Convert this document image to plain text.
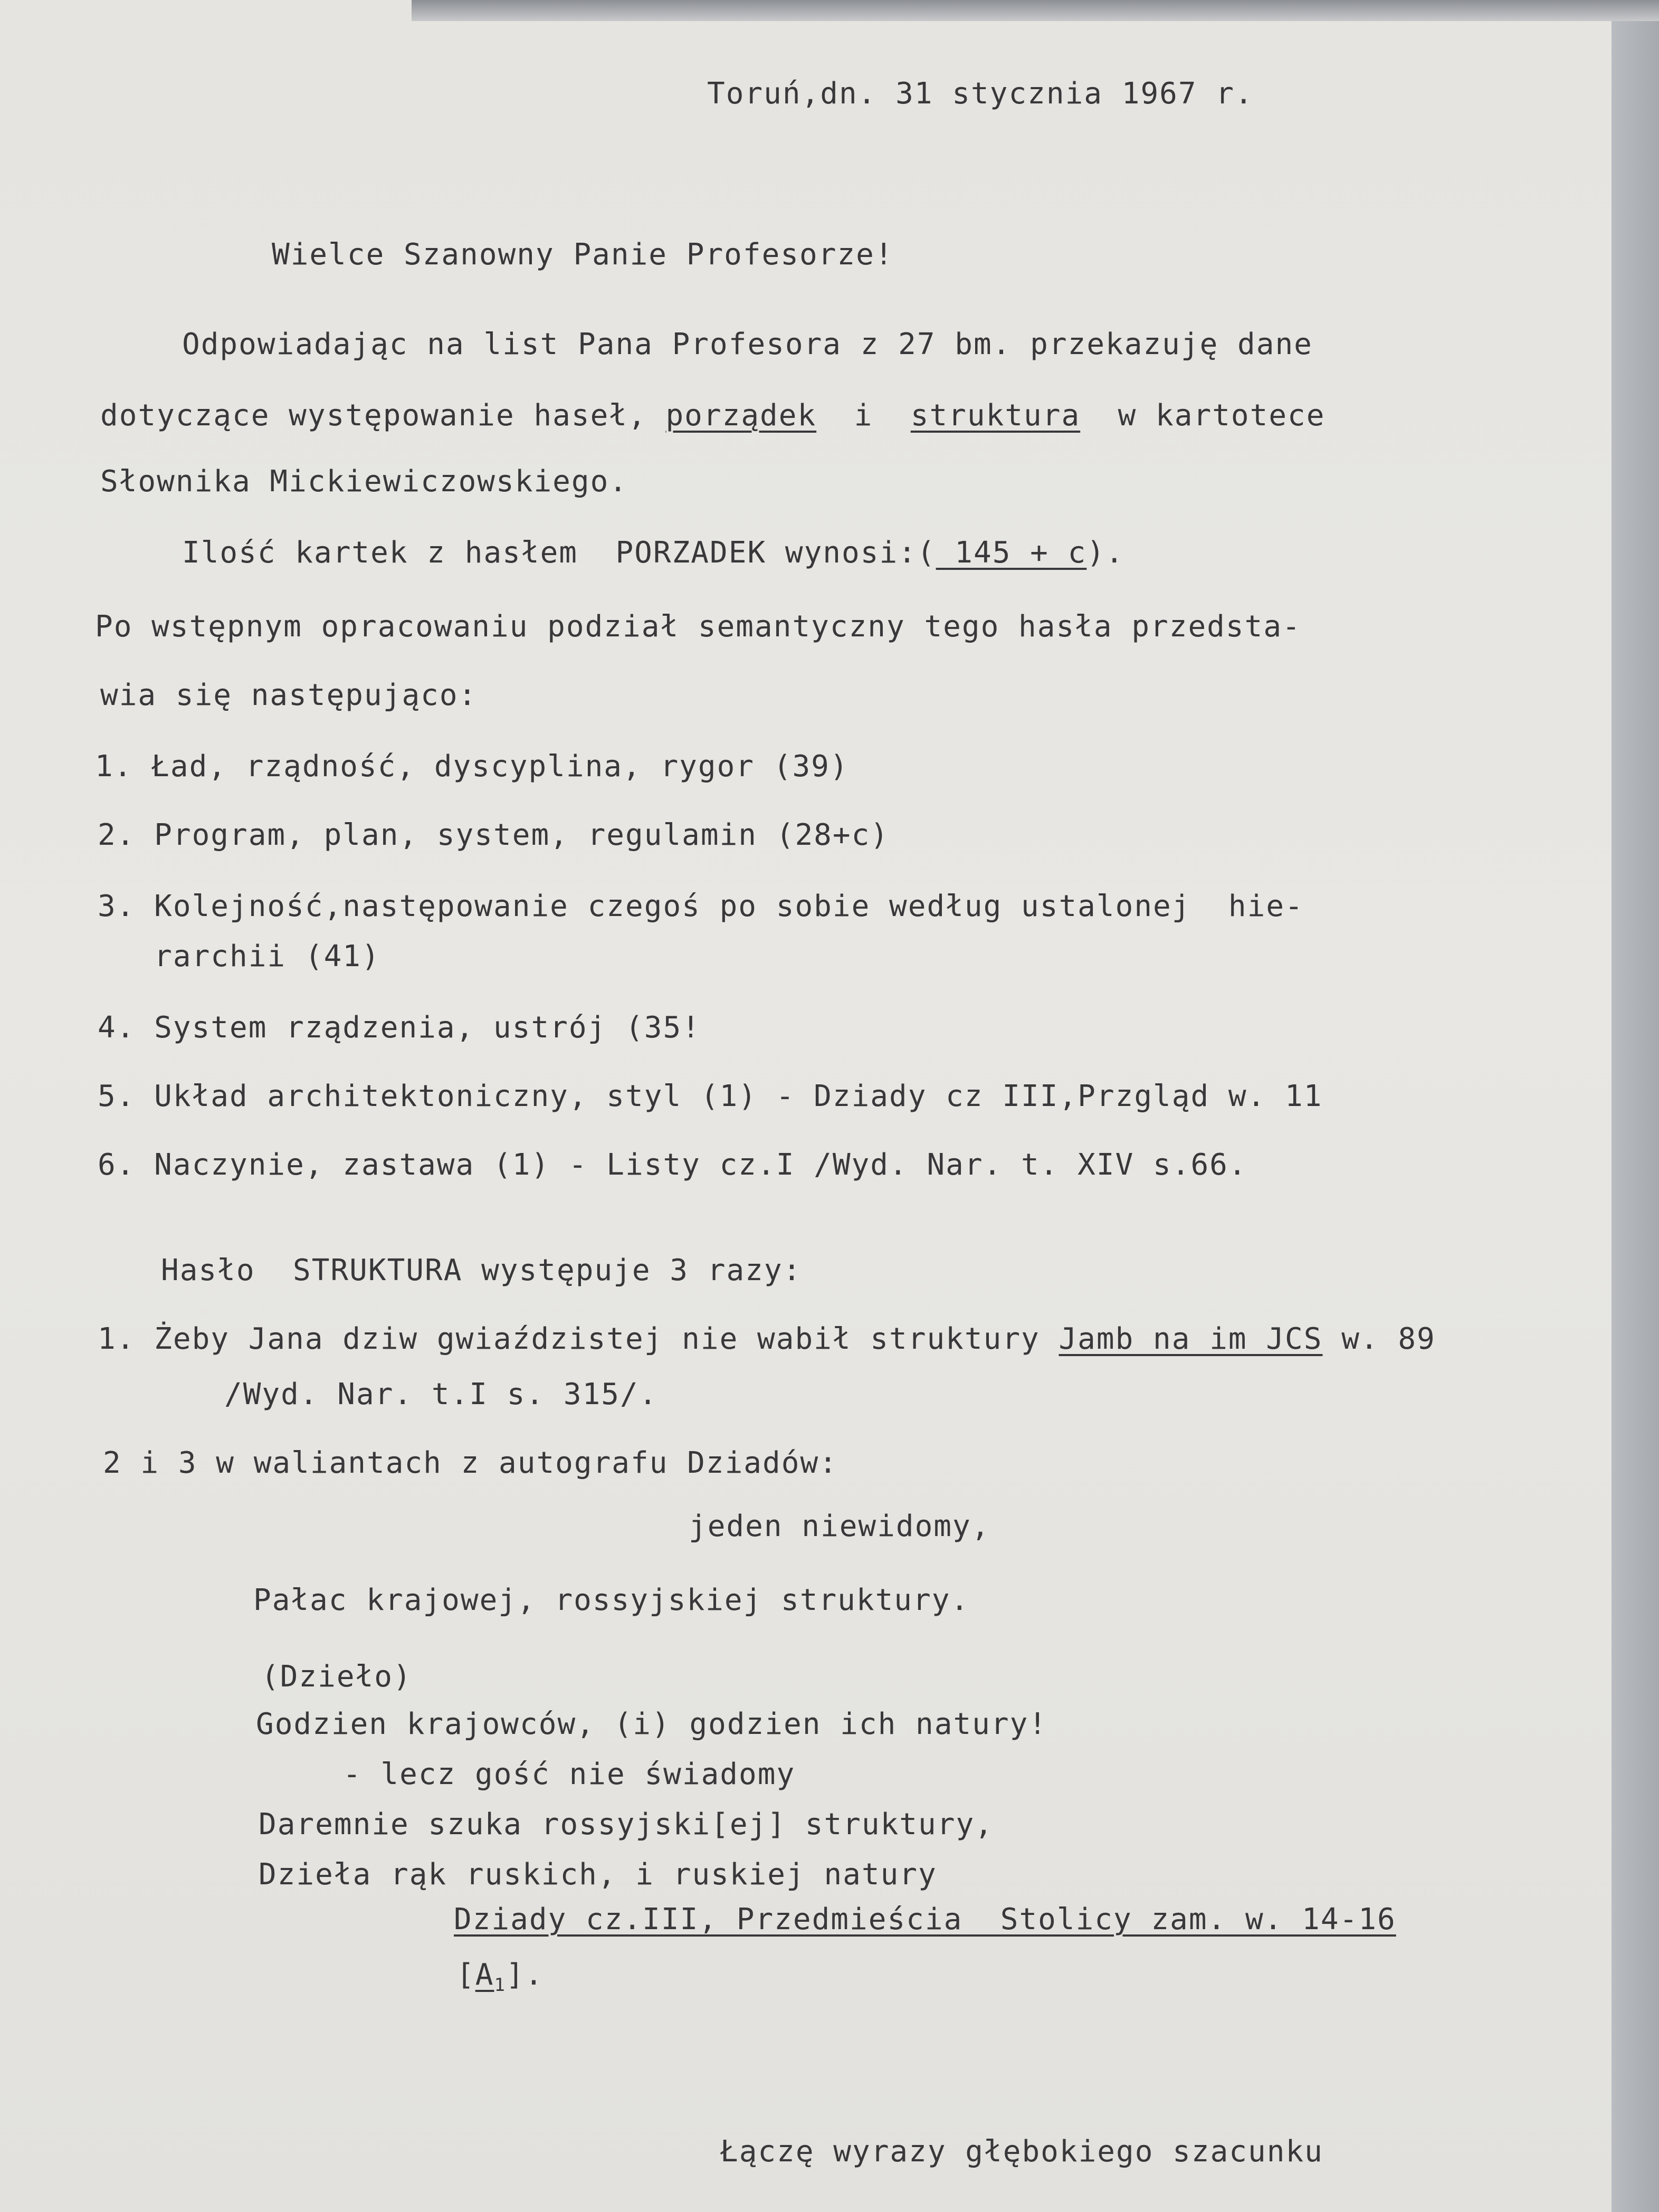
Toruń,dn. 31 stycznia 1967 r.
Wielce Szanowny Panie Profesorze!
Odpowiadając na list Pana Profesora z 27 bm. przekazuję dane
dotyczące występowanie haseł, porządek  i  struktura  w kartotece
Słownika Mickiewiczowskiego.
Ilość kartek z hasłem  PORZADEK wynosi:( 145 + c).
Po wstępnym opracowaniu podział semantyczny tego hasła przedsta-
wia się następująco:
1. Ład, rządność, dyscyplina, rygor (39)
2. Program, plan, system, regulamin (28+c)
3. Kolejność,następowanie czegoś po sobie według ustalonej  hie-
rarchii (41)
4. System rządzenia, ustrój (35!
5. Układ architektoniczny, styl (1) - Dziady cz III,Przgląd w. 11
6. Naczynie, zastawa (1) - Listy cz.I /Wyd. Nar. t. XIV s.66.
Hasło  STRUKTURA występuje 3 razy:
1. Żeby Jana dziw gwiaździstej nie wabił struktury Jamb na im JCS w. 89
/Wyd. Nar. t.I s. 315/.
2 i 3 w waliantach z autografu Dziadów:
jeden niewidomy,
Pałac krajowej, rossyjskiej struktury.
(Dzieło)
Godzien krajowców, (i) godzien ich natury!
- lecz gość nie świadomy
Daremnie szuka rossyjski[ej] struktury,
Dzieła rąk ruskich, i ruskiej natury
Dziady cz.III, Przedmieścia  Stolicy zam. w. 14-16
$[A_1]$.
Łączę wyrazy głębokiego szacunku
